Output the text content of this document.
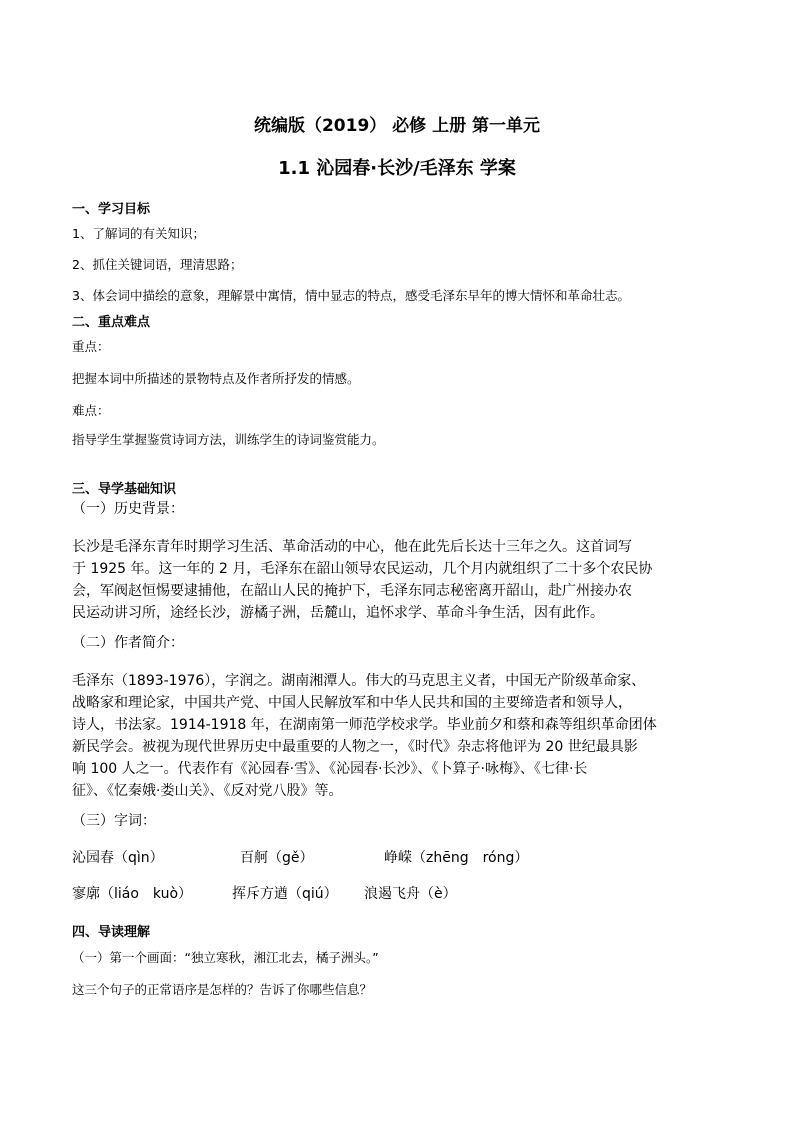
统编版（2019） 必修 上册 第一单元
1.1 沁园春·长沙/毛泽东 学案
一、学习目标
1、了解词的有关知识；
2、抓住关键词语，理清思路；
3、体会词中描绘的意象，理解景中寓情，情中显志的特点，感受毛泽东早年的博大情怀和革命壮志。
二、重点难点
重点：
把握本词中所描述的景物特点及作者所抒发的情感。
难点：
指导学生掌握鉴赏诗词方法，训练学生的诗词鉴赏能力。
三、导学基础知识
（一）历史背景：
长沙是毛泽东青年时期学习生活、革命活动的中心，他在此先后长达十三年之久。这首词写
于 1925 年。这一年的 2 月，毛泽东在韶山领导农民运动，几个月内就组织了二十多个农民协
会，军阀赵恒惕要逮捕他，在韶山人民的掩护下，毛泽东同志秘密离开韶山，赴广州接办农
民运动讲习所，途经长沙，游橘子洲，岳麓山，追怀求学、革命斗争生活，因有此作。
（二）作者简介：
毛泽东（1893-1976），字润之。湖南湘潭人。伟大的马克思主义者，中国无产阶级革命家、
战略家和理论家，中国共产党、中国人民解放军和中华人民共和国的主要缔造者和领导人，
诗人，书法家。1914-1918 年，在湖南第一师范学校求学。毕业前夕和蔡和森等组织革命团体
新民学会。被视为现代世界历史中最重要的人物之一，《时代》杂志将他评为 20 世纪最具影
响 100 人之一。代表作有《沁园春·雪》、《沁园春·长沙》、《卜算子·咏梅》、《七律·长
征》、《忆秦娥·娄山关》、《反对党八股》等。
（三）字词：
沁园春（qìn）	百舸（gě）	峥嵘（zhēng　róng）
寥廓（liáo　kuò）	挥斥方遒（qiú） 浪遏飞舟（è）
四、导读理解
（一）第一个画面：“独立寒秋，湘江北去，橘子洲头。”
这三个句子的正常语序是怎样的？告诉了你哪些信息？
